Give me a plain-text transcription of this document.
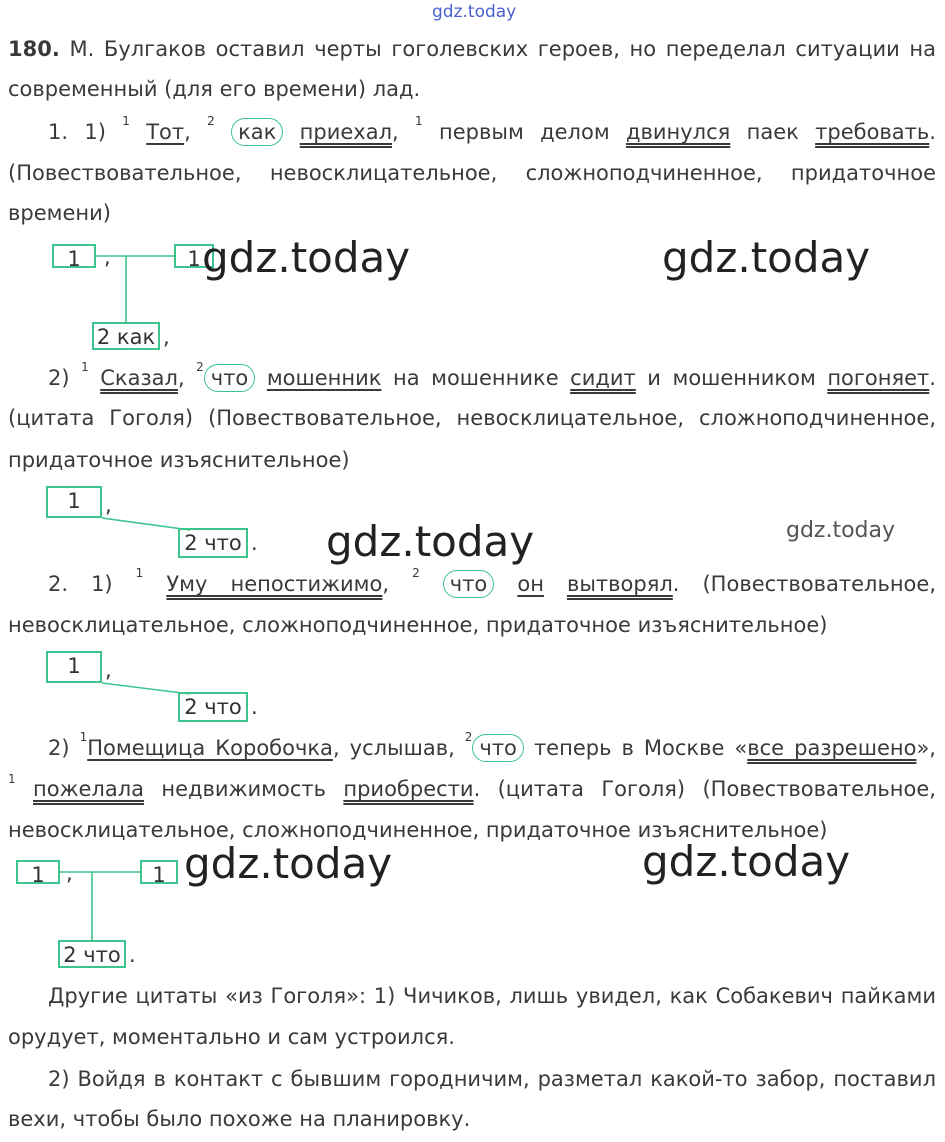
gdz.today
180. М. Булгаков оставил черты гоголевских героев, но переделал ситуации на
современный (для его времени) лад.
1. 1) $^1$ Тот, $^2$ как приехал, $^1$ первым делом двинулся паек требовать.
(Повествовательное, невосклицательное, сложноподчиненное, придаточное
времени)
1	,	1
2 как ,
2) $^1$ Сказал, $^2$ что мошенник на мошеннике сидит и мошенником погоняет.
(цитата Гоголя) (Повествовательное, невосклицательное, сложноподчиненное,
придаточное изъяснительное)
1	,
2 что .
2. 1) $^1$ Уму непостижимо, $^2$ что он вытворял. (Повествовательное,
невосклицательное, сложноподчиненное, придаточное изъяснительное)
1	,
2 что .
2) $^1$Помещица Коробочка, услышав, $^2$ что теперь в Москве «все разрешено»,
$^1$ пожелала недвижимость приобрести. (цитата Гоголя) (Повествовательное,
невосклицательное, сложноподчиненное, придаточное изъяснительное)
1	,	1
2 что .
Другие цитаты «из Гоголя»: 1) Чичиков, лишь увидел, как Собакевич пайками
орудует, моментально и сам устроился.
2) Войдя в контакт с бывшим городничим, разметал какой-то забор, поставил
вехи, чтобы было похоже на планировку.
gdz.today	gdz.today
gdz.today	gdz.today
gdz.today	gdz.today
